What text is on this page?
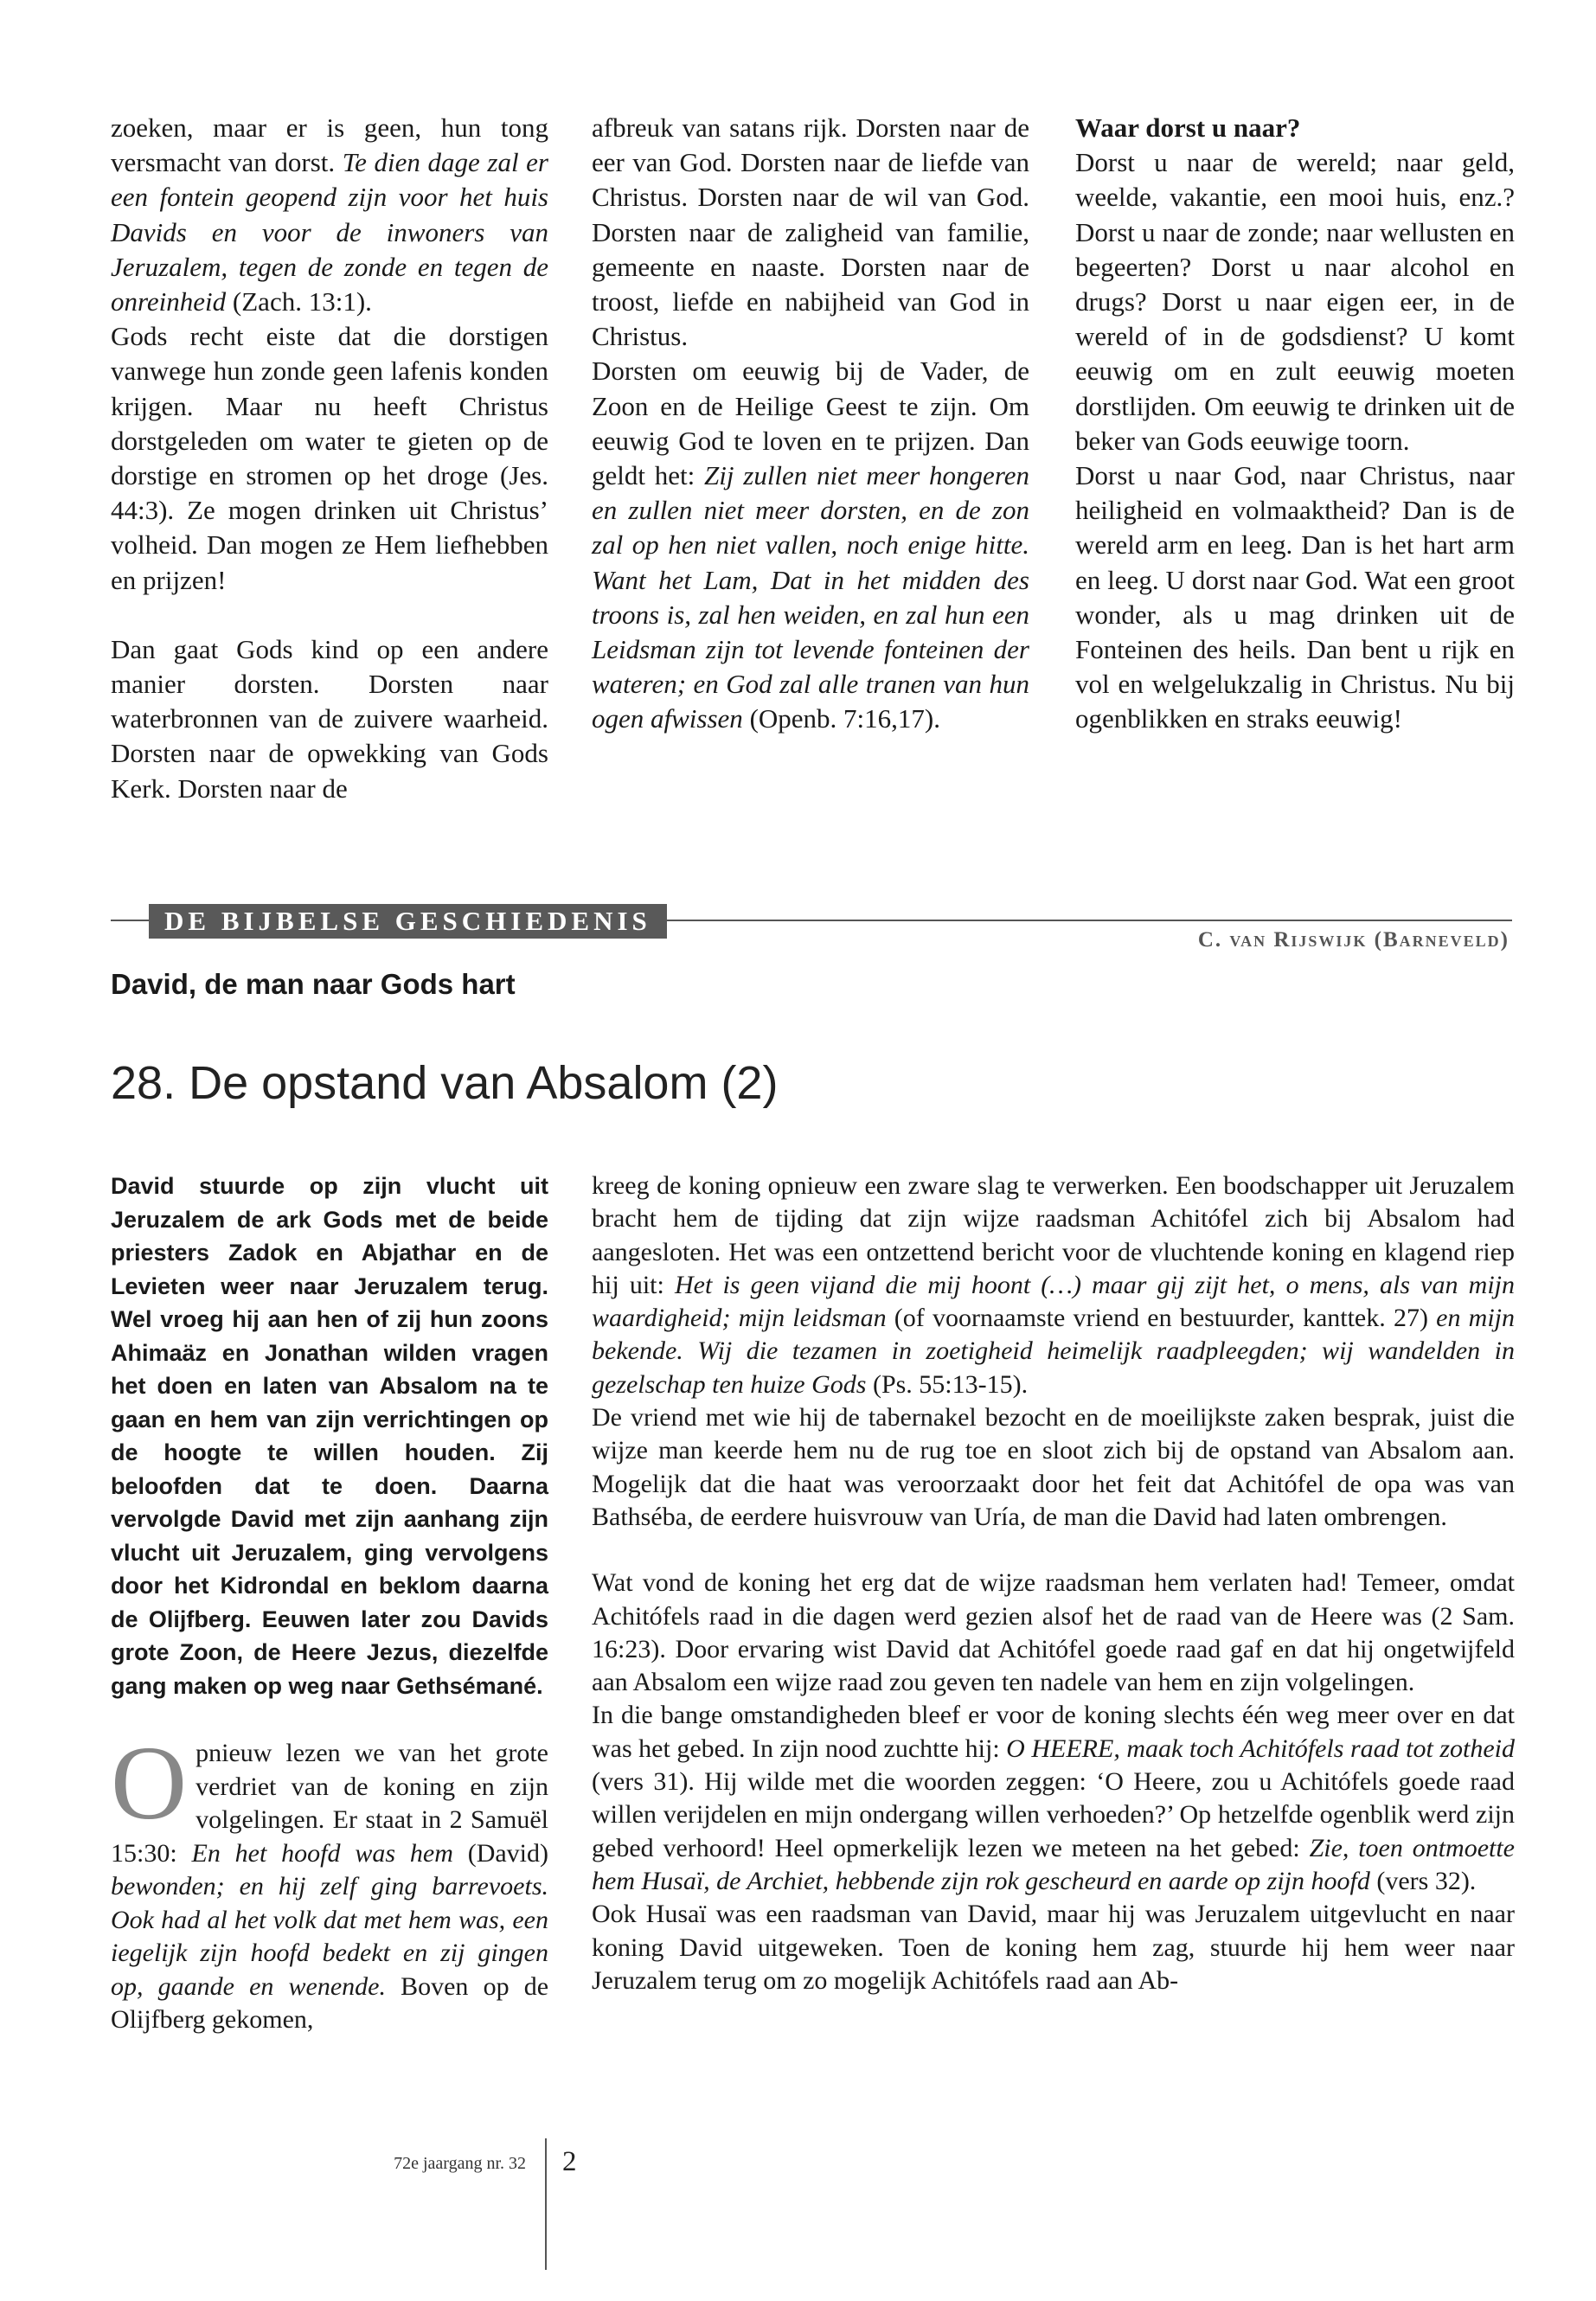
zoeken, maar er is geen, hun tong versmacht van dorst. Te dien dage zal er een fontein geopend zijn voor het huis Davids en voor de inwoners van Jeruzalem, tegen de zonde en tegen de onreinheid (Zach. 13:1).

Gods recht eiste dat die dorstigen vanwege hun zonde geen lafenis konden krijgen. Maar nu heeft Christus dorstgeleden om water te gieten op de dorstige en stromen op het droge (Jes. 44:3). Ze mogen drinken uit Christus’ volheid. Dan mogen ze Hem liefhebben en prijzen!

Dan gaat Gods kind op een andere manier dorsten. Dorsten naar waterbronnen van de zuivere waarheid. Dorsten naar de opwekking van Gods Kerk. Dorsten naar de

afbreuk van satans rijk. Dorsten naar de eer van God. Dorsten naar de liefde van Christus. Dorsten naar de wil van God. Dorsten naar de zaligheid van familie, gemeente en naaste. Dorsten naar de troost, liefde en nabijheid van God in Christus.

Dorsten om eeuwig bij de Vader, de Zoon en de Heilige Geest te zijn. Om eeuwig God te loven en te prijzen. Dan geldt het: Zij zullen niet meer hongeren en zullen niet meer dorsten, en de zon zal op hen niet vallen, noch enige hitte. Want het Lam, Dat in het midden des troons is, zal hen weiden, en zal hun een Leidsman zijn tot levende fonteinen der wateren; en God zal alle tranen van hun ogen afwissen (Openb. 7:16,17).

Waar dorst u naar?

Dorst u naar de wereld; naar geld, weelde, vakantie, een mooi huis, enz.? Dorst u naar de zonde; naar wellusten en begeerten? Dorst u naar alcohol en drugs? Dorst u naar eigen eer, in de wereld of in de godsdienst? U komt eeuwig om en zult eeuwig moeten dorstlijden. Om eeuwig te drinken uit de beker van Gods eeuwige toorn.

Dorst u naar God, naar Christus, naar heiligheid en volmaaktheid? Dan is de wereld arm en leeg. Dan is het hart arm en leeg. U dorst naar God. Wat een groot wonder, als u mag drinken uit de Fonteinen des heils. Dan bent u rijk en vol en welgelukzalig in Christus. Nu bij ogenblikken en straks eeuwig!

DE BIJBELSE GESCHIEDENIS
C. van Rijswijk (Barneveld)
David, de man naar Gods hart
28. De opstand van Absalom (2)

David stuurde op zijn vlucht uit Jeruzalem de ark Gods met de beide priesters Zadok en Abjathar en de Levieten weer naar Jeruzalem terug. Wel vroeg hij aan hen of zij hun zoons Ahimaäz en Jonathan wilden vragen het doen en laten van Absalom na te gaan en hem van zijn verrichtingen op de hoogte te willen houden. Zij beloofden dat te doen. Daarna vervolgde David met zijn aanhang zijn vlucht uit Jeruzalem, ging vervolgens door het Kidrondal en beklom daarna de Olijfberg. Eeuwen later zou Davids grote Zoon, de Heere Jezus, diezelfde gang maken op weg naar Gethsémané.

Opnieuw lezen we van het grote verdriet van de koning en zijn volgelingen. Er staat in 2 Samuël 15:30: En het hoofd was hem (David) bewonden; en hij zelf ging barrevoets. Ook had al het volk dat met hem was, een iegelijk zijn hoofd bedekt en zij gingen op, gaande en wenende. Boven op de Olijfberg gekomen,

kreeg de koning opnieuw een zware slag te verwerken. Een boodschapper uit Jeruzalem bracht hem de tijding dat zijn wijze raadsman Achitófel zich bij Absalom had aangesloten. Het was een ontzettend bericht voor de vluchtende koning en klagend riep hij uit: Het is geen vijand die mij hoont (…) maar gij zijt het, o mens, als van mijn waardigheid; mijn leidsman (of voornaamste vriend en bestuurder, kanttek. 27) en mijn bekende. Wij die tezamen in zoetigheid heimelijk raadpleegden; wij wandelden in gezelschap ten huize Gods (Ps. 55:13-15).

De vriend met wie hij de tabernakel bezocht en de moeilijkste zaken besprak, juist die wijze man keerde hem nu de rug toe en sloot zich bij de opstand van Absalom aan. Mogelijk dat die haat was veroorzaakt door het feit dat Achitófel de opa was van Bathséba, de eerdere huisvrouw van Uría, de man die David had laten ombrengen.

Wat vond de koning het erg dat de wijze raadsman hem verlaten had! Temeer, omdat Achitófels raad in die dagen werd gezien alsof het de raad van de Heere was (2 Sam. 16:23). Door ervaring wist David dat Achitófel goede raad gaf en dat hij ongetwijfeld aan Absalom een wijze raad zou geven ten nadele van hem en zijn volgelingen.

In die bange omstandigheden bleef er voor de koning slechts één weg meer over en dat was het gebed. In zijn nood zuchtte hij: O HEERE, maak toch Achitófels raad tot zotheid (vers 31). Hij wilde met die woorden zeggen: ‘O Heere, zou u Achitófels goede raad willen verijdelen en mijn ondergang willen verhoeden?’ Op hetzelfde ogenblik werd zijn gebed verhoord! Heel opmerkelijk lezen we meteen na het gebed: Zie, toen ontmoette hem Husaï, de Archiet, hebbende zijn rok gescheurd en aarde op zijn hoofd (vers 32).

Ook Husaï was een raadsman van David, maar hij was Jeruzalem uitgevlucht en naar koning David uitgeweken. Toen de koning hem zag, stuurde hij hem weer naar Jeruzalem terug om zo mogelijk Achitófels raad aan Ab-

72e jaargang nr. 32 2
